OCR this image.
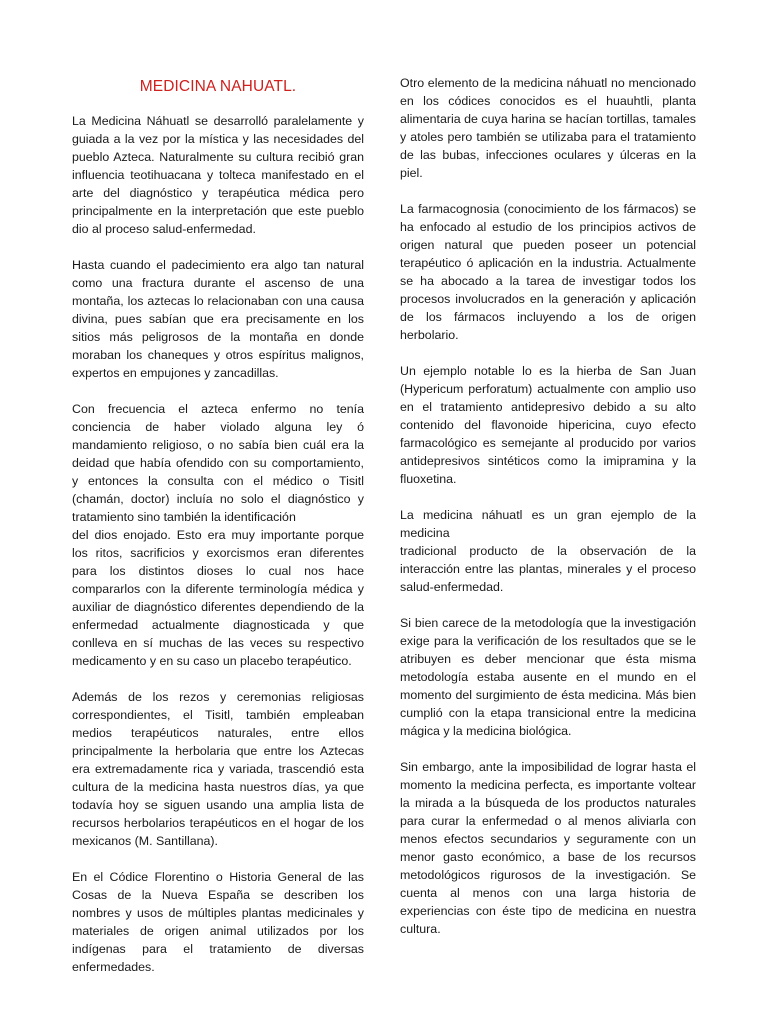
MEDICINA NAHUATL.

La Medicina Náhuatl se desarrolló paralelamente y guiada a la vez por la mística y las necesidades del pueblo Azteca. Naturalmente su cultura recibió gran influencia teotihuacana y tolteca manifestado en el arte del diagnóstico y terapéutica médica pero principalmente en la interpretación que este pueblo dio al proceso salud-enfermedad.

Hasta cuando el padecimiento era algo tan natural como una fractura durante el ascenso de una montaña, los aztecas lo relacionaban con una causa divina, pues sabían que era precisamente en los sitios más peligrosos de la montaña en donde moraban los chaneques y otros espíritus malignos, expertos en empujones y zancadillas.

Con frecuencia el azteca enfermo no tenía conciencia de haber violado alguna ley ó mandamiento religioso, o no sabía bien cuál era la deidad que había ofendido con su comportamiento, y entonces la consulta con el médico o Tisitl (chamán, doctor) incluía no solo el diagnóstico y tratamiento sino también la identificación
del dios enojado. Esto era muy importante porque los ritos, sacrificios y exorcismos eran diferentes para los distintos dioses lo cual nos hace compararlos con la diferente terminología médica y auxiliar de diagnóstico diferentes dependiendo de la enfermedad actualmente diagnosticada y que conlleva en sí muchas de las veces su respectivo medicamento y en su caso un placebo terapéutico.

Además de los rezos y ceremonias religiosas correspondientes, el Tisitl, también empleaban medios terapéuticos naturales, entre ellos principalmente la herbolaria que entre los Aztecas era extremadamente rica y variada, trascendió esta cultura de la medicina hasta nuestros días, ya que todavía hoy se siguen usando una amplia lista de recursos herbolarios terapéuticos en el hogar de los mexicanos (M. Santillana).

En el Códice Florentino o Historia General de las Cosas de la Nueva España se describen los nombres y usos de múltiples plantas medicinales y materiales de origen animal utilizados por los indígenas para el tratamiento de diversas enfermedades.

Otro elemento de la medicina náhuatl no mencionado en los códices conocidos es el huauhtli, planta alimentaria de cuya harina se hacían tortillas, tamales y atoles pero también se utilizaba para el tratamiento de las bubas, infecciones oculares y úlceras en la piel.

La farmacognosia (conocimiento de los fármacos) se ha enfocado al estudio de los principios activos de origen natural que pueden poseer un potencial terapéutico ó aplicación en la industria. Actualmente se ha abocado a la tarea de investigar todos los procesos involucrados en la generación y aplicación de los fármacos incluyendo a los de origen herbolario.

Un ejemplo notable lo es la hierba de San Juan (Hypericum perforatum) actualmente con amplio uso en el tratamiento antidepresivo debido a su alto contenido del flavonoide hipericina, cuyo efecto farmacológico es semejante al producido por varios antidepresivos sintéticos como la imipramina y la fluoxetina.

La medicina náhuatl es un gran ejemplo de la medicina
tradicional producto de la observación de la interacción entre las plantas, minerales y el proceso salud-enfermedad.

Si bien carece de la metodología que la investigación exige para la verificación de los resultados que se le atribuyen es deber mencionar que ésta misma metodología estaba ausente en el mundo en el momento del surgimiento de ésta medicina. Más bien cumplió con la etapa transicional entre la medicina mágica y la medicina biológica.

Sin embargo, ante la imposibilidad de lograr hasta el momento la medicina perfecta, es importante voltear la mirada a la búsqueda de los productos naturales para curar la enfermedad o al menos aliviarla con menos efectos secundarios y seguramente con un menor gasto económico, a base de los recursos metodológicos rigurosos de la investigación. Se cuenta al menos con una larga historia de experiencias con éste tipo de medicina en nuestra cultura.
